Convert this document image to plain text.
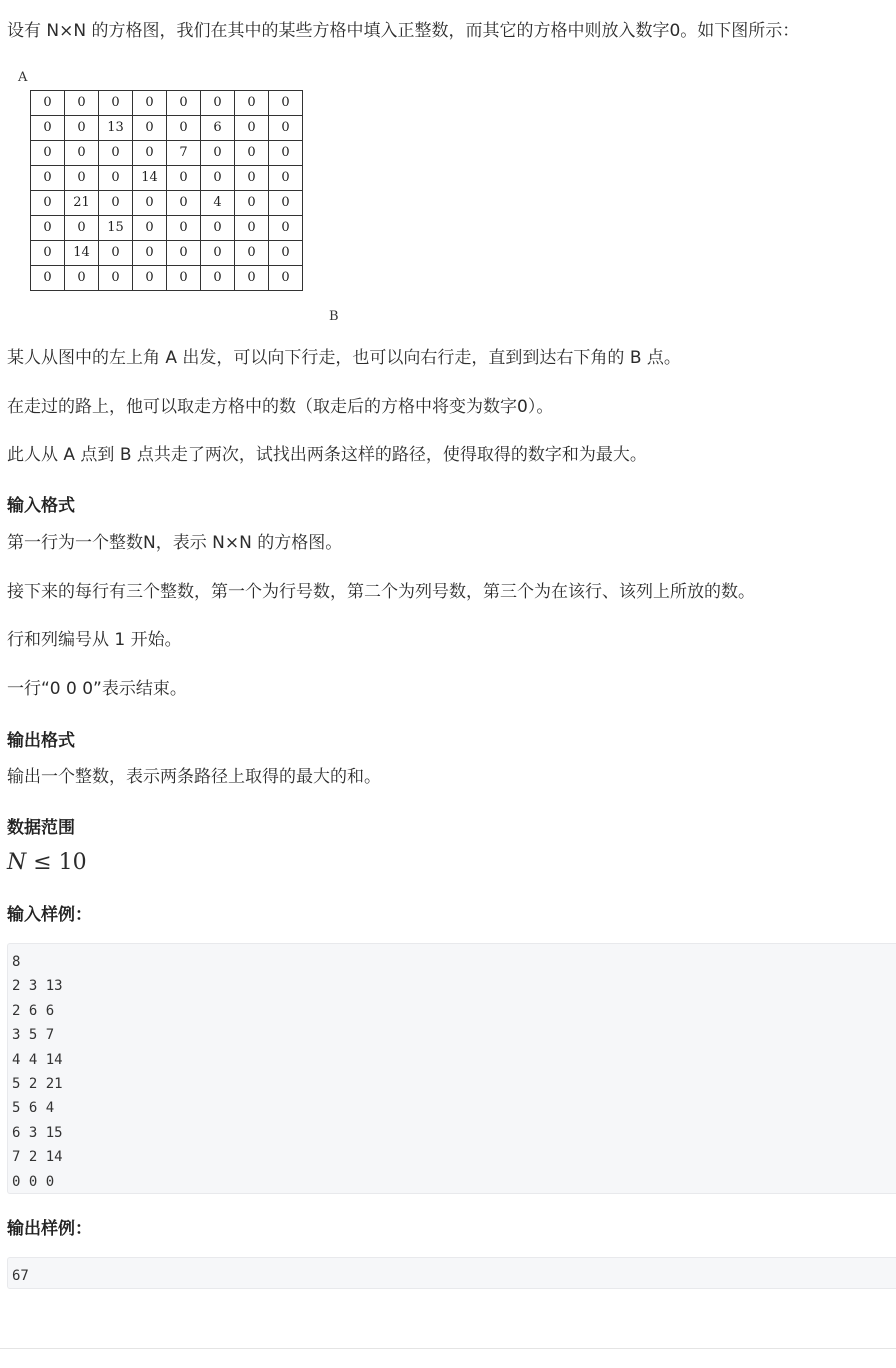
设有 N×N 的方格图，我们在其中的某些方格中填入正整数，而其它的方格中则放入数字0。如下图所示：

A
0	0	0	0	0	0	0	0
0	0	13	0	0	6	0	0
0	0	0	0	7	0	0	0
0	0	0	14	0	0	0	0
0	21	0	0	0	4	0	0
0	0	15	0	0	0	0	0
0	14	0	0	0	0	0	0
0	0	0	0	0	0	0	0
B

某人从图中的左上角 A 出发，可以向下行走，也可以向右行走，直到到达右下角的 B 点。

在走过的路上，他可以取走方格中的数（取走后的方格中将变为数字0）。

此人从 A 点到 B 点共走了两次，试找出两条这样的路径，使得取得的数字和为最大。

输入格式

第一行为一个整数N，表示 N×N 的方格图。

接下来的每行有三个整数，第一个为行号数，第二个为列号数，第三个为在该行、该列上所放的数。

行和列编号从 1 开始。

一行“0 0 0”表示结束。

输出格式

输出一个整数，表示两条路径上取得的最大的和。

数据范围

N ≤ 10

输入样例：

8
2 3 13
2 6 6
3 5 7
4 4 14
5 2 21
5 6 4
6 3 15
7 2 14
0 0 0

输出样例：

67
